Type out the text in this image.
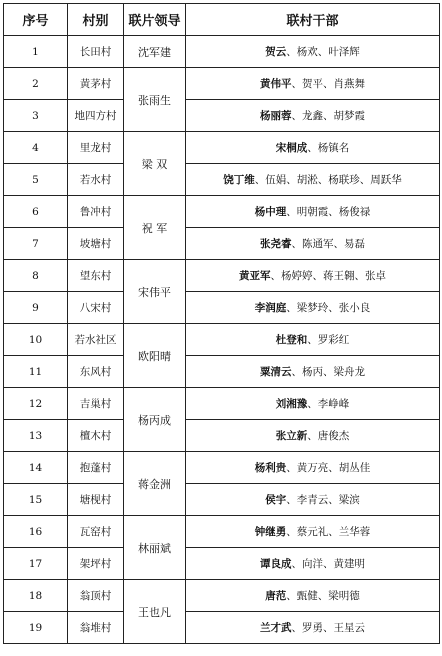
序号	村别	联片领导	联村干部
1	长田村	沈军建	贺云、杨欢、叶泽辉
2	黄茅村	张雨生	黄伟平、贺平、肖燕舞
3	地四方村		杨丽蓉、龙鑫、胡梦霞
4	里龙村	梁 双	宋桐成、杨镇名
5	若水村		饶丁维、伍娟、胡淞、杨联珍、周跃华
6	鲁冲村	祝 军	杨中理、明朝霞、杨俊禄
7	坡塘村		张尧睿、陈通军、易磊
8	望东村	宋伟平	黄亚军、杨婷婷、蒋王翱、张卓
9	八宋村		李润庭、梁梦玲、张小良
10	若水社区	欧阳晴	杜登和、罗彩红
11	东风村		粟清云、杨丙、梁舟龙
12	吉巢村	杨丙成	刘湘豫、李峥峰
13	檀木村		张立新、唐俊杰
14	抱蓬村	蒋金洲	杨利贵、黄万亮、胡丛佳
15	塘枧村		侯宇、李青云、梁滨
16	瓦窑村	林丽斌	钟继勇、蔡元礼、兰华蓉
17	架坪村		谭良成、向洋、黄建明
18	翁顶村	王也凡	唐范、甄健、梁明德
19	翁堆村		兰才武、罗勇、王星云
